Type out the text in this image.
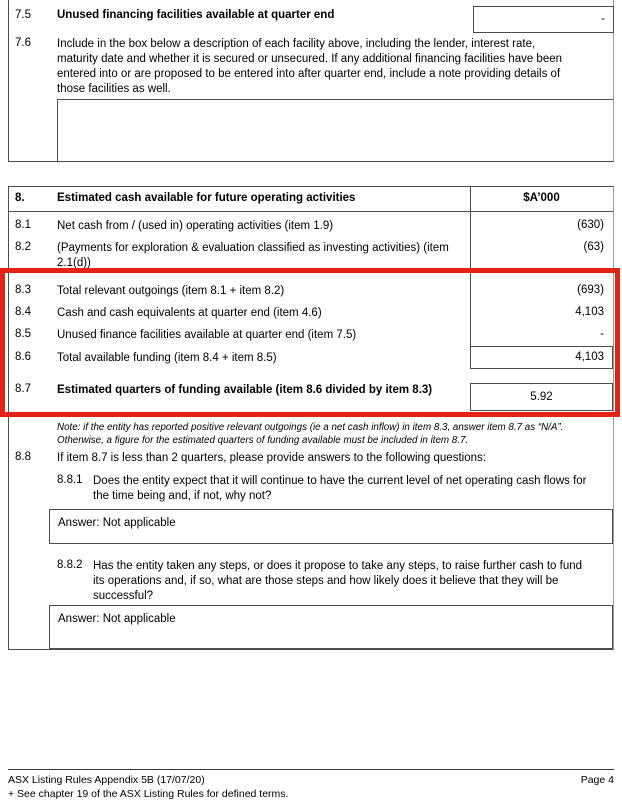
7.5 Unused financing facilities available at quarter end	-
7.6 Include in the box below a description of each facility above, including the lender, interest rate, maturity date and whether it is secured or unsecured. If any additional financing facilities have been entered into or are proposed to be entered into after quarter end, include a note providing details of those facilities as well.
8.	Estimated cash available for future operating activities	$A’000
8.1 Net cash from / (used in) operating activities (item 1.9)	(630)
8.2 (Payments for exploration & evaluation classified as investing activities) (item 2.1(d))
(63)
8.3 Total relevant outgoings (item 8.1 + item 8.2)	(693)
8.4 Cash and cash equivalents at quarter end (item 4.6)	4,103
8.5 Unused finance facilities available at quarter end (item 7.5)	-
8.6 Total available funding (item 8.4 + item 8.5)	4,103
8.7 Estimated quarters of funding available (item 8.6 divided by item 8.3)
5.92
Note: if the entity has reported positive relevant outgoings (ie a net cash inflow) in item 8.3, answer item 8.7 as “N/A”. Otherwise, a figure for the estimated quarters of funding available must be included in item 8.7.
8.8 If item 8.7 is less than 2 quarters, please provide answers to the following questions:
8.8.1 Does the entity expect that it will continue to have the current level of net operating cash flows for the time being and, if not, why not?
Answer: Not applicable
8.8.2 Has the entity taken any steps, or does it propose to take any steps, to raise further cash to fund its operations and, if so, what are those steps and how likely does it believe that they will be successful?
Answer: Not applicable
ASX Listing Rules Appendix 5B (17/07/20)	Page 4
+ See chapter 19 of the ASX Listing Rules for defined terms.
